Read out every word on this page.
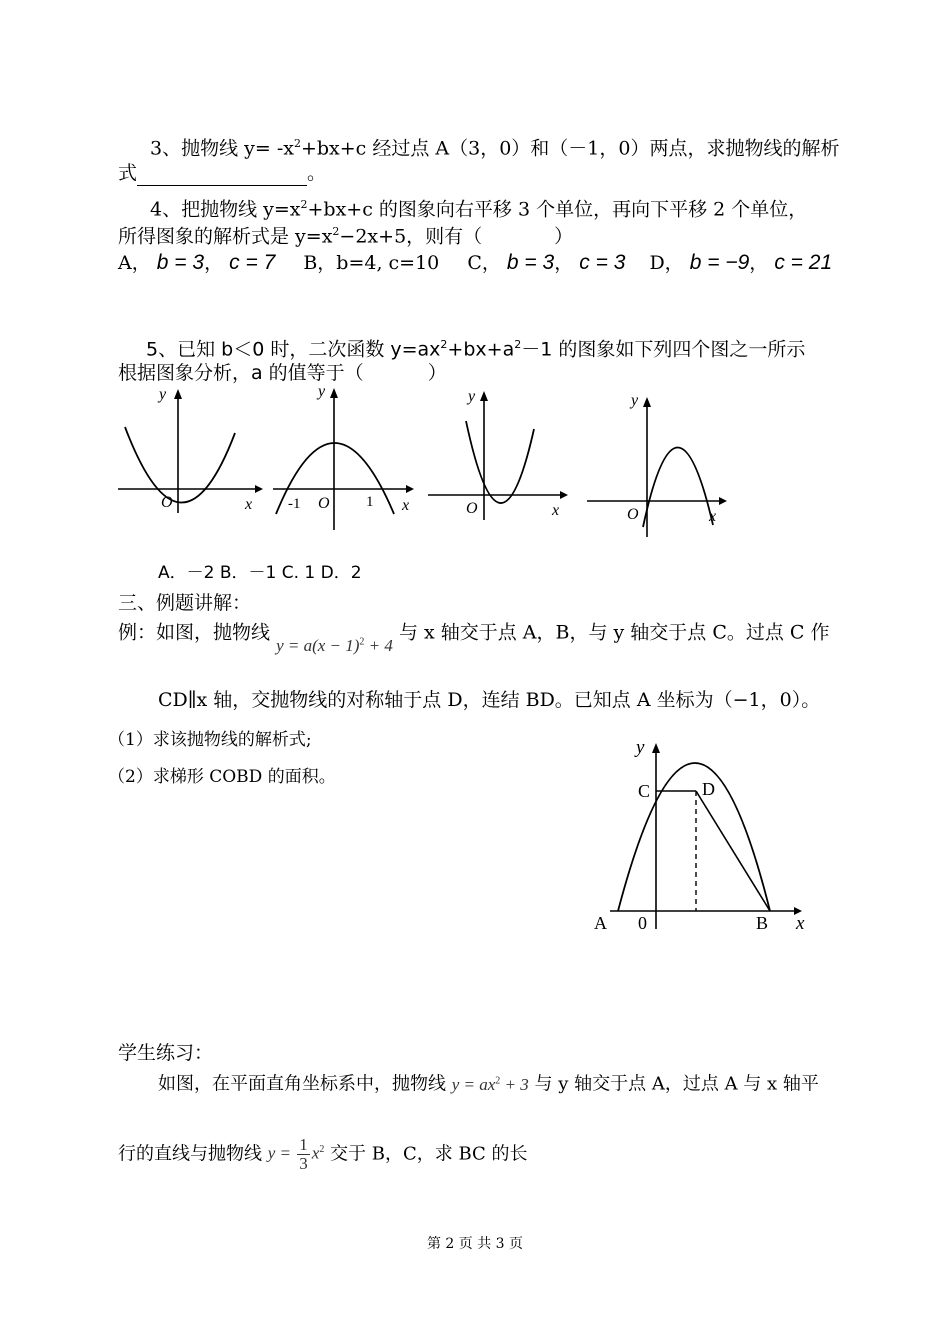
3、抛物线 $y= -x^2+bx+c$ 经过点 A（3，0）和（－1，0）两点，求抛物线的解析
式	。
4、把抛物线 $y=x^2+bx+c$ 的图象向右平移 3 个单位，再向下平移 2 个单位，
所得图象的解析式是 $y=x^2-2x+5$，则有（	）
A， b = 3， c = 7 B，b=4, c=10 C， b = 3， c = 3 D， b = −9， c = 21
5、已知 b＜0 时，二次函数 $y=ax^2+bx+a^2-1$ 的图象如下列四个图之一所示
根据图象分析，a 的值等于（	）
y
x
O
y
x
O
-1	1
y
x
O
y
x
O
A．－2 B．－1 C. 1 D．2
三、例题讲解：
例：如图，抛物线 $y = a(x - 1)^2 + 4$ 与 x 轴交于点 A，B，与 y 轴交于点 C。过点 C 作
CD∥x 轴，交抛物线的对称轴于点 D，连结 BD。已知点 A 坐标为（−1，0）。
（1）求该抛物线的解析式;
（2）求梯形 COBD 的面积。
y
x
C	D
A 0	B
学生练习：
如图，在平面直角坐标系中，抛物线 $y = ax^2 + 3$ 与 y 轴交于点 A，过点 A 与 x 轴平
行的直线与抛物线 $y = \frac{1}{3} x^2$ 交于 B，C，求 BC 的长
第 2 页 共 3 页
